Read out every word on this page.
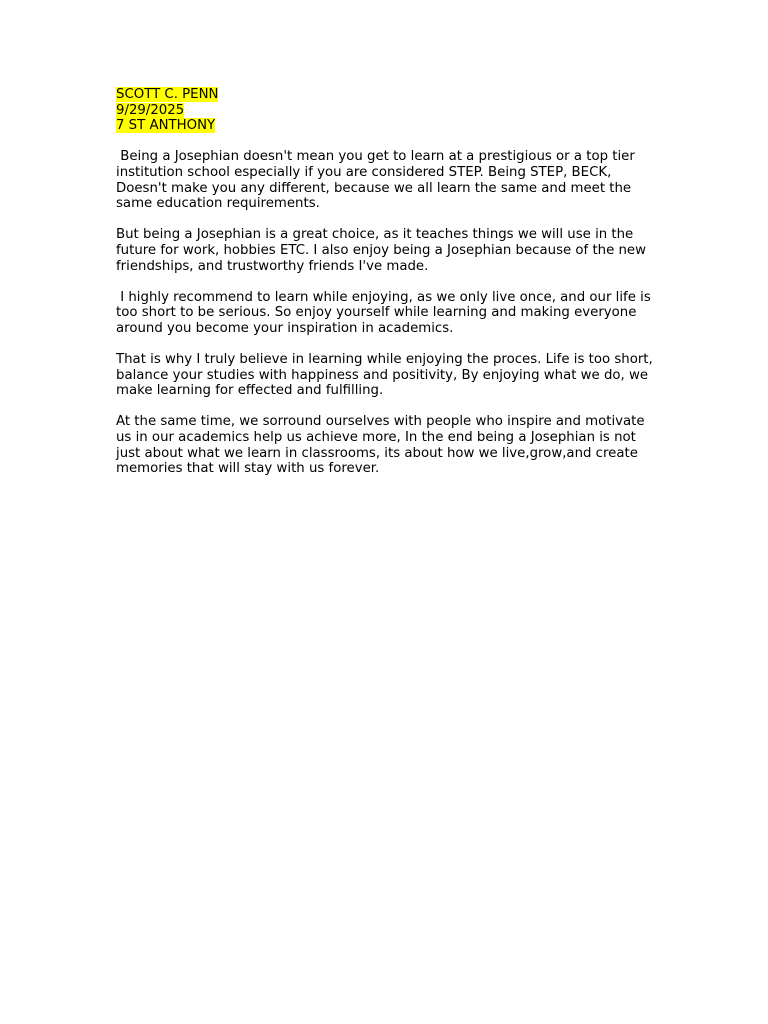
SCOTT C. PENN
9/29/2025
7 ST ANTHONY

Being a Josephian doesn't mean you get to learn at a prestigious or a top tier institution school especially if you are considered STEP. Being STEP, BECK, Doesn't make you any different, because we all learn the same and meet the same education requirements.

But being a Josephian is a great choice, as it teaches things we will use in the future for work, hobbies ETC. I also enjoy being a Josephian because of the new friendships, and trustworthy friends I've made.

I highly recommend to learn while enjoying, as we only live once, and our life is too short to be serious. So enjoy yourself while learning and making everyone around you become your inspiration in academics.

That is why I truly believe in learning while enjoying the proces. Life is too short, balance your studies with happiness and positivity, By enjoying what we do, we make learning for effected and fulfilling.

At the same time, we sorround ourselves with people who inspire and motivate us in our academics help us achieve more, In the end being a Josephian is not just about what we learn in classrooms, its about how we live,grow,and create memories that will stay with us forever.
